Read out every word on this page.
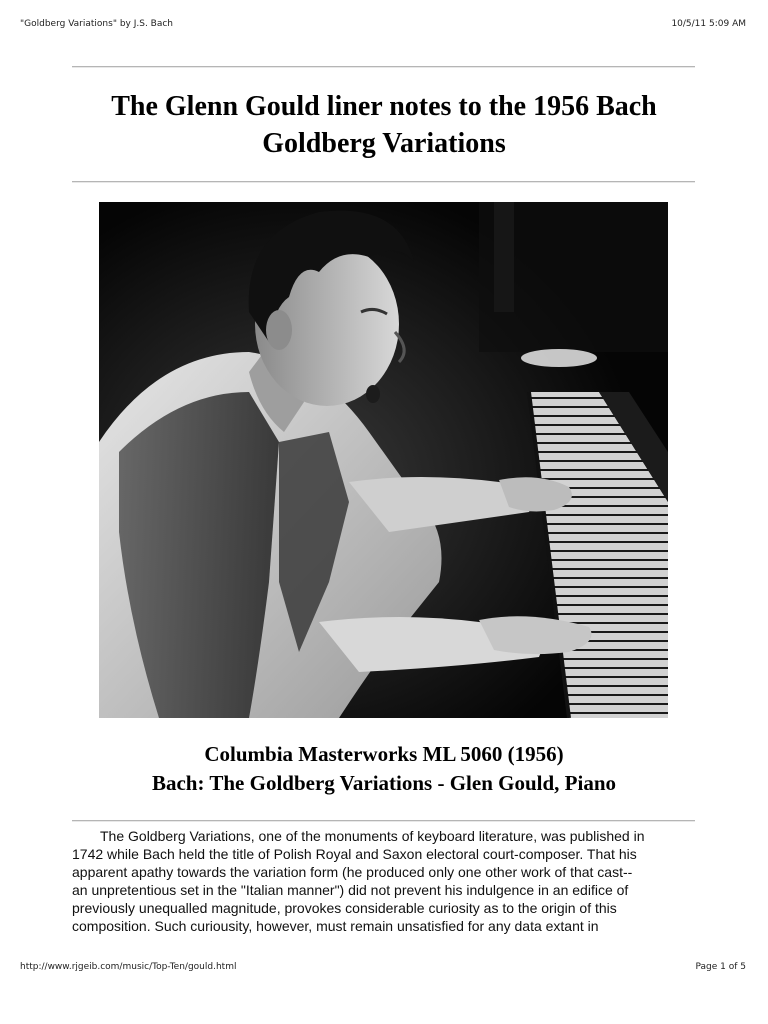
"Goldberg Variations" by J.S. Bach	10/5/11 5:09 AM
The Glenn Gould liner notes to the 1956 Bach
Goldberg Variations
Columbia Masterworks ML 5060 (1956)
Bach: The Goldberg Variations - Glen Gould, Piano
The Goldberg Variations, one of the monuments of keyboard literature, was published in
1742 while Bach held the title of Polish Royal and Saxon electoral court-composer. That his
apparent apathy towards the variation form (he produced only one other work of that cast--
an unpretentious set in the "Italian manner") did not prevent his indulgence in an edifice of
previously unequalled magnitude, provokes considerable curiosity as to the origin of this
composition. Such curiousity, however, must remain unsatisfied for any data extant in
http://www.rjgeib.com/music/Top-Ten/gould.html	Page 1 of 5
